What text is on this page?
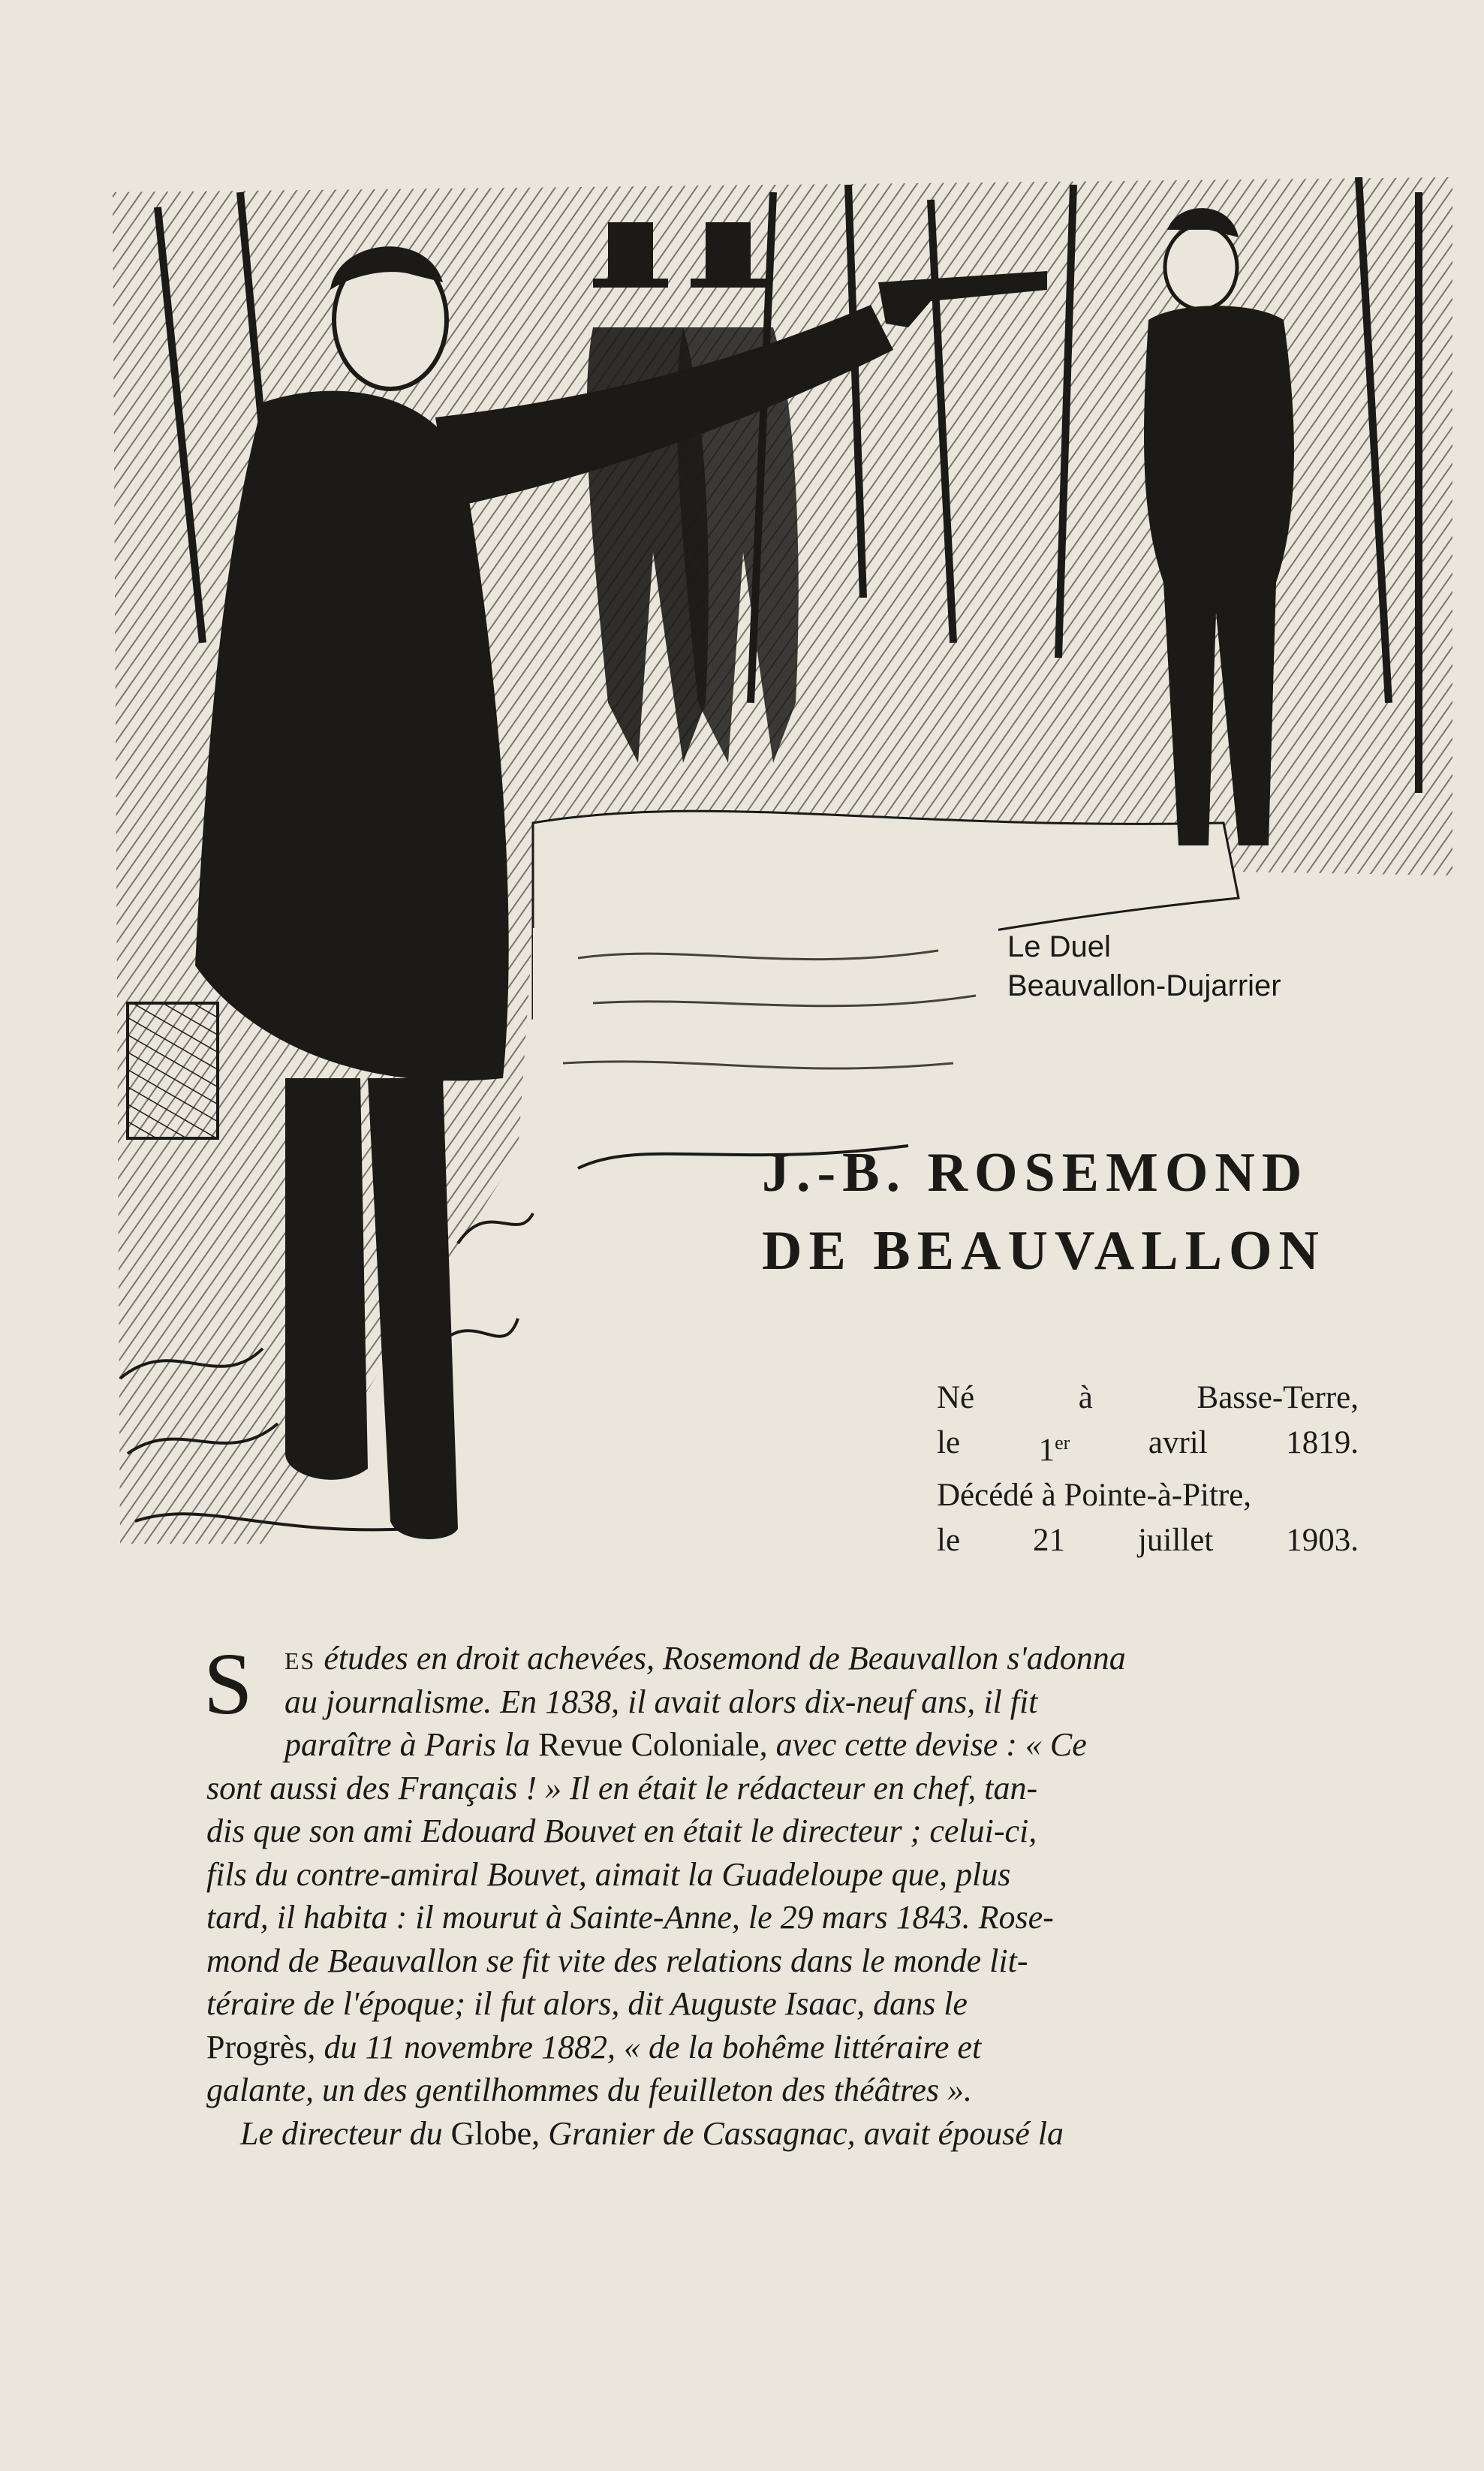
Le Duel
Beauvallon-Dujarrier
J.-B. ROSEMOND
DE BEAUVALLON
Né	à	Basse-Terre,
le 1er avril 1819.
Décédé à Pointe-à-Pitre,
le 21 juillet 1903.
S ES études en droit achevées, Rosemond de Beauvallon s'adonna
au journalisme. En 1838, il avait alors dix-neuf ans, il fit
paraître à Paris la Revue Coloniale, avec cette devise : « Ce
sont aussi des Français ! » Il en était le rédacteur en chef, tan-
dis que son ami Edouard Bouvet en était le directeur ; celui-ci,
fils du contre-amiral Bouvet, aimait la Guadeloupe que, plus
tard, il habita : il mourut à Sainte-Anne, le 29 mars 1843. Rose-
mond de Beauvallon se fit vite des relations dans le monde lit-
téraire de l'époque; il fut alors, dit Auguste Isaac, dans le
Progrès, du 11 novembre 1882, « de la bohême littéraire et
galante, un des gentilhommes du feuilleton des théâtres ».
Le directeur du Globe, Granier de Cassagnac, avait épousé la
